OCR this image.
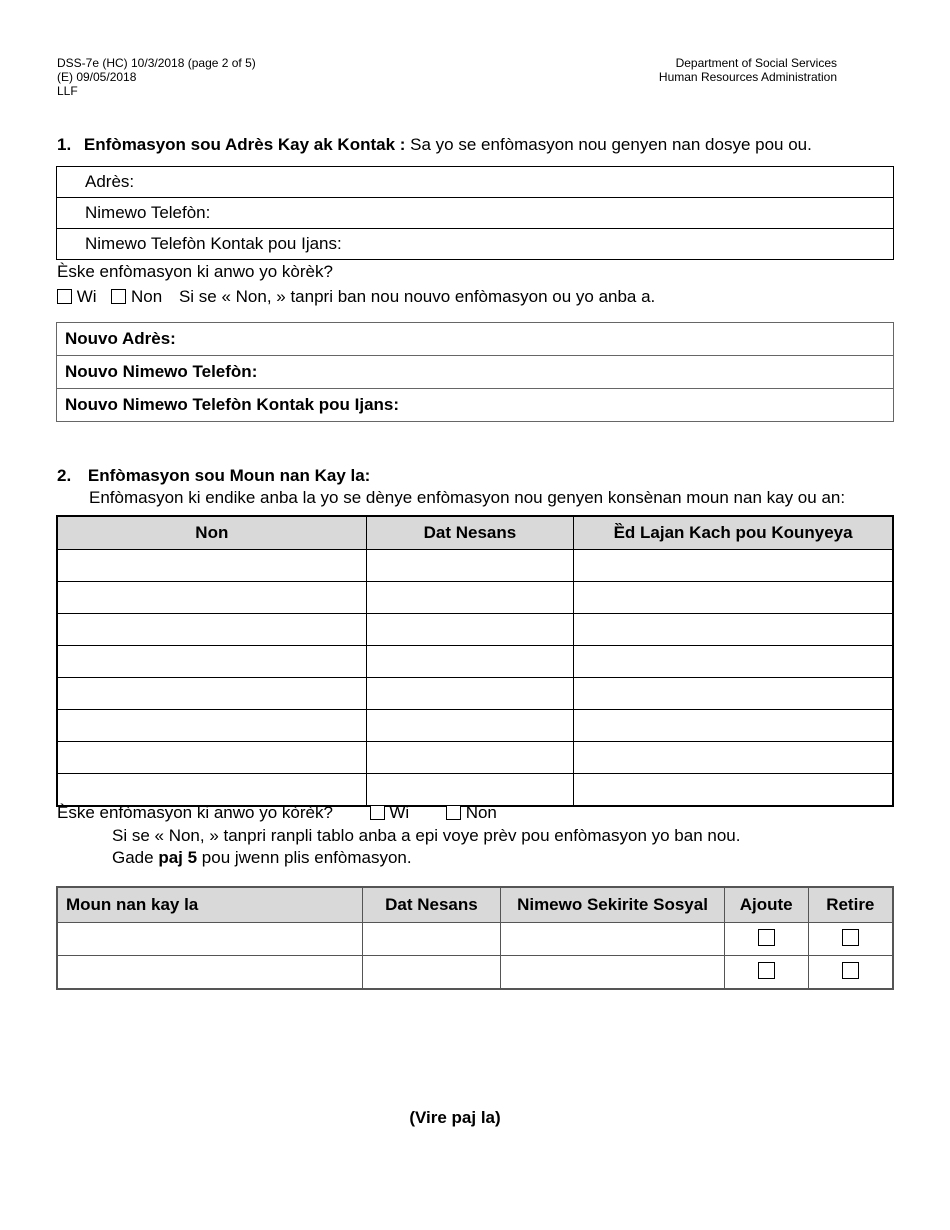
DSS-7e (HC) 10/3/2018 (page 2 of 5)
(E) 09/05/2018
LLF
Department of Social Services
Human Resources Administration
1. Enfòmasyon sou Adrès Kay ak Kontak : Sa yo se enfòmasyon nou genyen nan dosye pou ou.
Adrès:
Nimewo Telefòn:
Nimewo Telefòn Kontak pou Ijans:
Èske enfòmasyon ki anwo yo kòrèk?
Wi Non Si se « Non, » tanpri ban nou nouvo enfòmasyon ou yo anba a.
Nouvo Adrès:
Nouvo Nimewo Telefòn:
Nouvo Nimewo Telefòn Kontak pou Ijans:
2. Enfòmasyon sou Moun nan Kay la:
Enfòmasyon ki endike anba la yo se dènye enfòmasyon nou genyen konsènan moun nan kay ou an:
Non	Dat Nesans	Ȅd Lajan Kach pou Kounyeya

Èske enfòmasyon ki anwo yo kòrèk?	Wi	Non
Si se « Non, » tanpri ranpli tablo anba a epi voye prèv pou enfòmasyon yo ban nou.
Gade paj 5 pou jwenn plis enfòmasyon.
Moun nan kay la	Dat Nesans	Nimewo Sekirite Sosyal	Ajoute	Retire

(Vire paj la)
